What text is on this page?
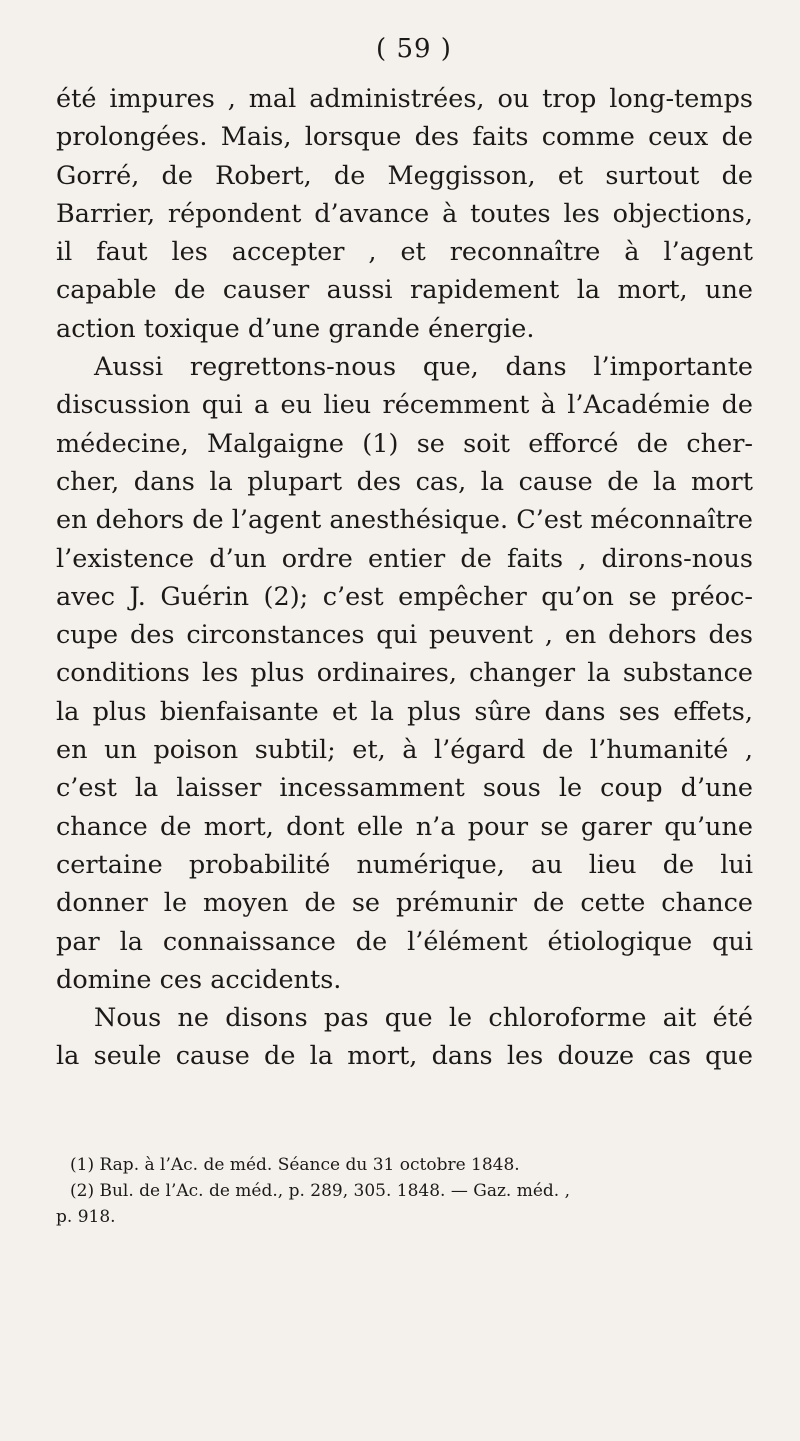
( 59 )
été impures , mal administrées, ou trop long-temps
prolongées. Mais, lorsque des faits comme ceux de
Gorré, de Robert, de Meggisson, et surtout de
Barrier, répondent d’avance à toutes les objections,
il faut les accepter , et reconnaître à l’agent
capable de causer aussi rapidement la mort, une
action toxique d’une grande énergie.
Aussi regrettons-nous que, dans l’importante
discussion qui a eu lieu récemment à l’Académie de
médecine, Malgaigne (1) se soit efforcé de cher-
cher, dans la plupart des cas, la cause de la mort
en dehors de l’agent anesthésique. C’est méconnaître
l’existence d’un ordre entier de faits , dirons-nous
avec J. Guérin (2); c’est empêcher qu’on se préoc-
cupe des circonstances qui peuvent , en dehors des
conditions les plus ordinaires, changer la substance
la plus bienfaisante et la plus sûre dans ses effets,
en un poison subtil; et, à l’égard de l’humanité ,
c’est la laisser incessamment sous le coup d’une
chance de mort, dont elle n’a pour se garer qu’une
certaine probabilité numérique, au lieu de lui
donner le moyen de se prémunir de cette chance
par la connaissance de l’élément étiologique qui
domine ces accidents.
Nous ne disons pas que le chloroforme ait été
la seule cause de la mort, dans les douze cas que
(1) Rap. à l’Ac. de méd. Séance du 31 octobre 1848.
(2) Bul. de l’Ac. de méd., p. 289, 305. 1848. — Gaz. méd. ,
p. 918.
